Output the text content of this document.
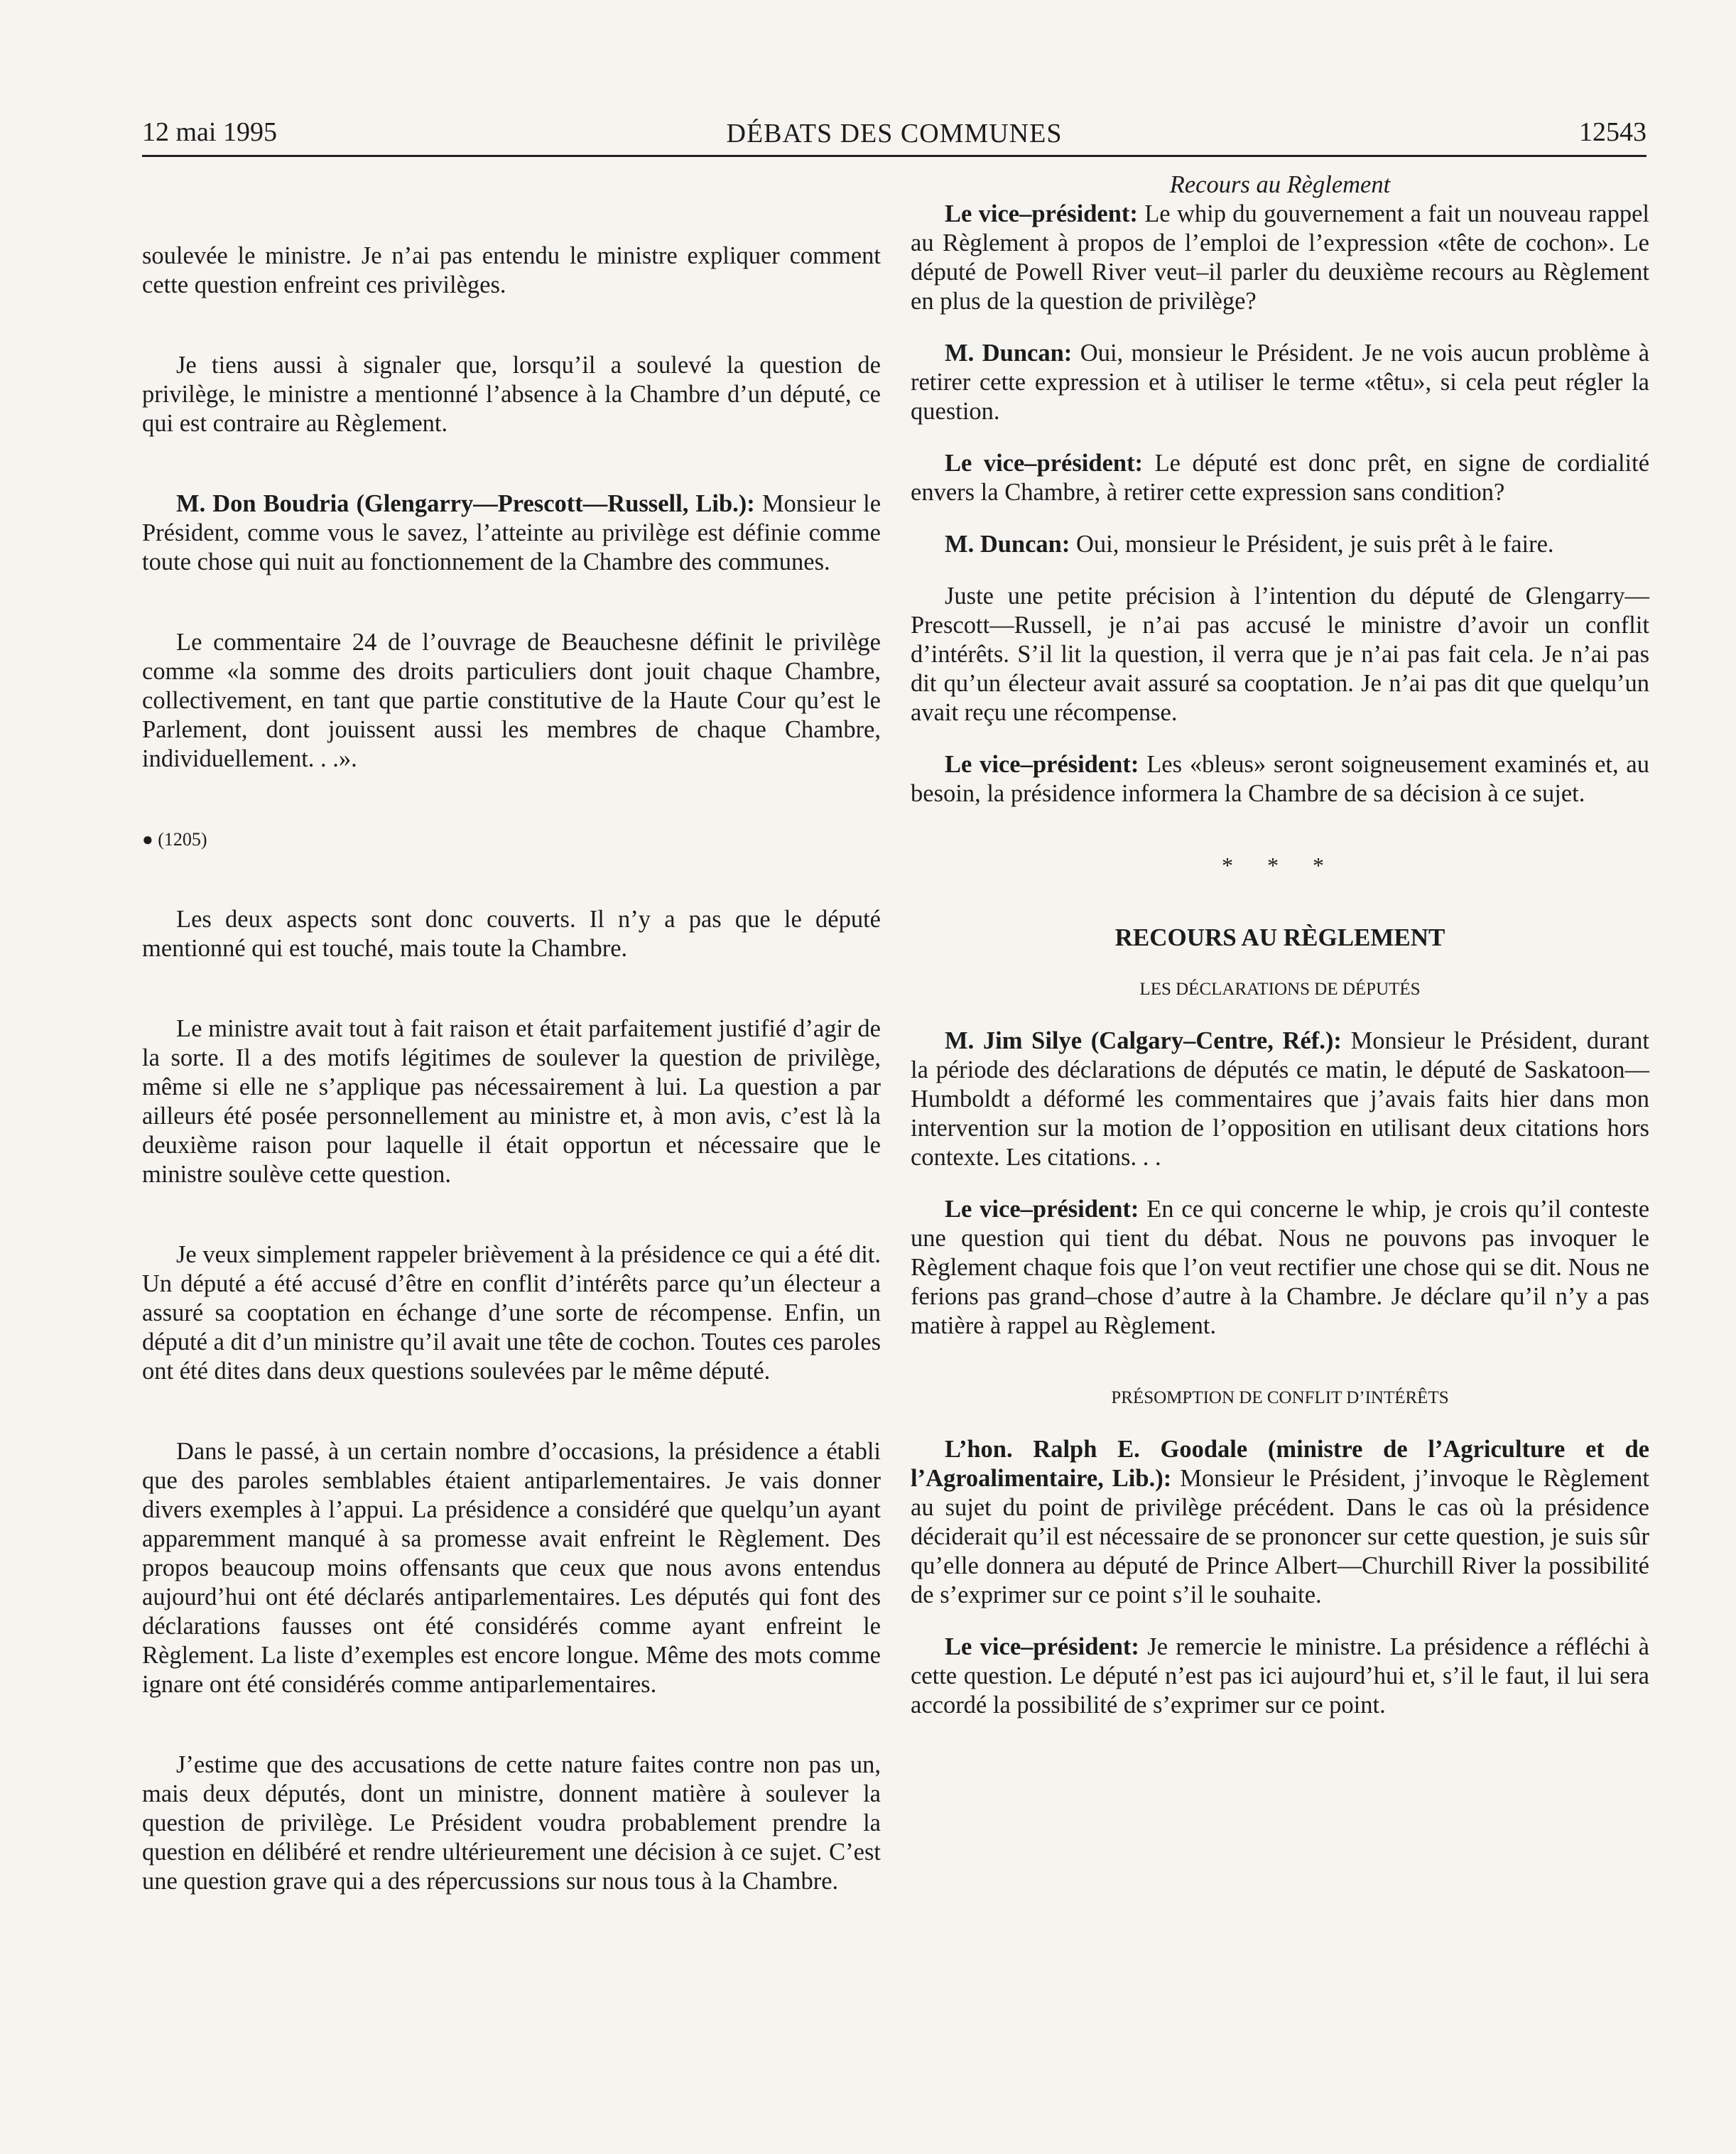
12 mai 1995	DÉBATS DES COMMUNES	12543

soulevée le ministre. Je n’ai pas entendu le ministre expliquer comment cette question enfreint ces privilèges.

Je tiens aussi à signaler que, lorsqu’il a soulevé la question de privilège, le ministre a mentionné l’absence à la Chambre d’un député, ce qui est contraire au Règlement.

M. Don Boudria (Glengarry—Prescott—Russell, Lib.): Monsieur le Président, comme vous le savez, l’atteinte au privilège est définie comme toute chose qui nuit au fonctionnement de la Chambre des communes.

Le commentaire 24 de l’ouvrage de Beauchesne définit le privilège comme «la somme des droits particuliers dont jouit chaque Chambre, collectivement, en tant que partie constitutive de la Haute Cour qu’est le Parlement, dont jouissent aussi les membres de chaque Chambre, individuellement. . .».

● (1205)

Les deux aspects sont donc couverts. Il n’y a pas que le député mentionné qui est touché, mais toute la Chambre.

Le ministre avait tout à fait raison et était parfaitement justifié d’agir de la sorte. Il a des motifs légitimes de soulever la question de privilège, même si elle ne s’applique pas nécessairement à lui. La question a par ailleurs été posée personnellement au ministre et, à mon avis, c’est là la deuxième raison pour laquelle il était opportun et nécessaire que le ministre soulève cette question.

Je veux simplement rappeler brièvement à la présidence ce qui a été dit. Un député a été accusé d’être en conflit d’intérêts parce qu’un électeur a assuré sa cooptation en échange d’une sorte de récompense. Enfin, un député a dit d’un ministre qu’il avait une tête de cochon. Toutes ces paroles ont été dites dans deux questions soulevées par le même député.

Dans le passé, à un certain nombre d’occasions, la présidence a établi que des paroles semblables étaient antiparlementaires. Je vais donner divers exemples à l’appui. La présidence a considéré que quelqu’un ayant apparemment manqué à sa promesse avait enfreint le Règlement. Des propos beaucoup moins offensants que ceux que nous avons entendus aujourd’hui ont été déclarés antiparlementaires. Les députés qui font des déclarations fausses ont été considérés comme ayant enfreint le Règlement. La liste d’exemples est encore longue. Même des mots comme ignare ont été considérés comme antiparlementaires.

J’estime que des accusations de cette nature faites contre non pas un, mais deux députés, dont un ministre, donnent matière à soulever la question de privilège. Le Président voudra probablement prendre la question en délibéré et rendre ultérieurement une décision à ce sujet. C’est une question grave qui a des répercussions sur nous tous à la Chambre.

Recours au Règlement

Le vice–président: Le whip du gouvernement a fait un nouveau rappel au Règlement à propos de l’emploi de l’expression «tête de cochon». Le député de Powell River veut–il parler du deuxième recours au Règlement en plus de la question de privilège?

M. Duncan: Oui, monsieur le Président. Je ne vois aucun problème à retirer cette expression et à utiliser le terme «têtu», si cela peut régler la question.

Le vice–président: Le député est donc prêt, en signe de cordialité envers la Chambre, à retirer cette expression sans condition?

M. Duncan: Oui, monsieur le Président, je suis prêt à le faire.

Juste une petite précision à l’intention du député de Glengarry—Prescott—Russell, je n’ai pas accusé le ministre d’avoir un conflit d’intérêts. S’il lit la question, il verra que je n’ai pas fait cela. Je n’ai pas dit qu’un électeur avait assuré sa cooptation. Je n’ai pas dit que quelqu’un avait reçu une récompense.

Le vice–président: Les «bleus» seront soigneusement examinés et, au besoin, la présidence informera la Chambre de sa décision à ce sujet.

* * *

RECOURS AU RÈGLEMENT

LES DÉCLARATIONS DE DÉPUTÉS

M. Jim Silye (Calgary–Centre, Réf.): Monsieur le Président, durant la période des déclarations de députés ce matin, le député de Saskatoon—Humboldt a déformé les commentaires que j’avais faits hier dans mon intervention sur la motion de l’opposition en utilisant deux citations hors contexte. Les citations. . .

Le vice–président: En ce qui concerne le whip, je crois qu’il conteste une question qui tient du débat. Nous ne pouvons pas invoquer le Règlement chaque fois que l’on veut rectifier une chose qui se dit. Nous ne ferions pas grand–chose d’autre à la Chambre. Je déclare qu’il n’y a pas matière à rappel au Règlement.

PRÉSOMPTION DE CONFLIT D’INTÉRÊTS

L’hon. Ralph E. Goodale (ministre de l’Agriculture et de l’Agroalimentaire, Lib.): Monsieur le Président, j’invoque le Règlement au sujet du point de privilège précédent. Dans le cas où la présidence déciderait qu’il est nécessaire de se prononcer sur cette question, je suis sûr qu’elle donnera au député de Prince Albert—Churchill River la possibilité de s’exprimer sur ce point s’il le souhaite.

Le vice–président: Je remercie le ministre. La présidence a réfléchi à cette question. Le député n’est pas ici aujourd’hui et, s’il le faut, il lui sera accordé la possibilité de s’exprimer sur ce point.
